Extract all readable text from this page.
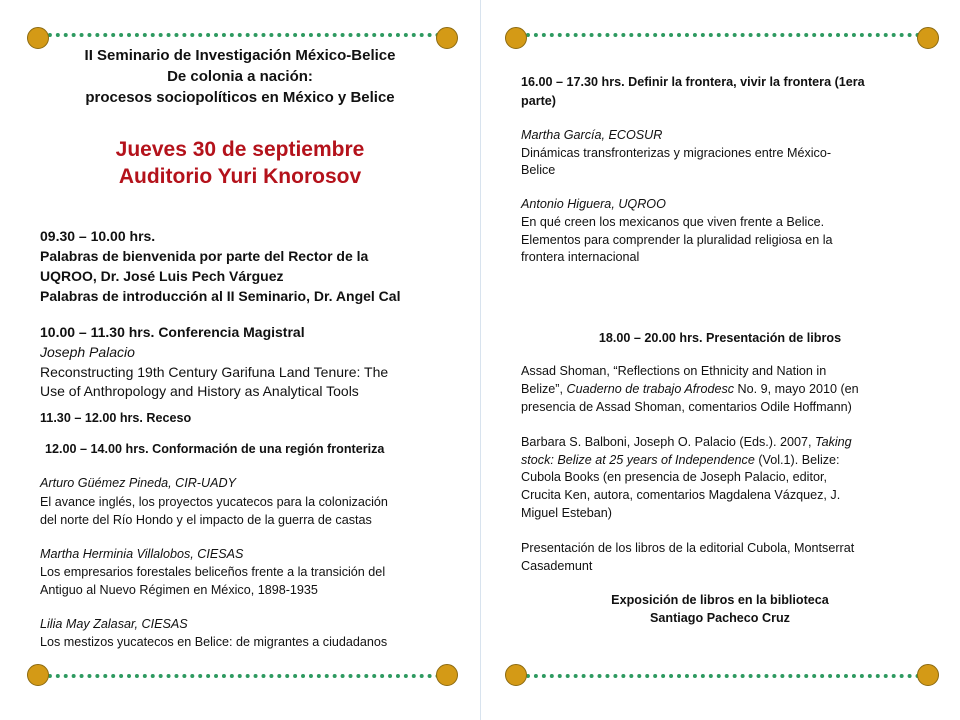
II Seminario de Investigación México-Belice
De colonia a nación:
procesos sociopolíticos en México y Belice
Jueves 30 de septiembre
Auditorio Yuri Knorosov
09.30 – 10.00 hrs.
Palabras de bienvenida por parte del Rector de la
UQROO, Dr. José Luis Pech Várguez
Palabras de introducción al II Seminario, Dr. Angel Cal
10.00 – 11.30 hrs. Conferencia Magistral
Joseph Palacio
Reconstructing 19th Century Garifuna Land Tenure: The
Use of Anthropology and History as Analytical Tools
11.30 – 12.00 hrs. Receso
12.00 – 14.00 hrs. Conformación de una región fronteriza
Arturo Güémez Pineda, CIR-UADY
El avance inglés, los proyectos yucatecos para la colonización
del norte del Río Hondo y el impacto de la guerra de castas
Martha Herminia Villalobos, CIESAS
Los empresarios forestales beliceños frente a la transición del
Antiguo al Nuevo Régimen en México, 1898-1935
Lilia May Zalasar, CIESAS
Los mestizos yucatecos en Belice: de migrantes a ciudadanos
16.00 – 17.30 hrs. Definir la frontera, vivir la frontera (1era
parte)
Martha García, ECOSUR
Dinámicas transfronterizas y migraciones entre México-
Belice
Antonio Higuera, UQROO
En qué creen los mexicanos que viven frente a Belice.
Elementos para comprender la pluralidad religiosa en la
frontera internacional
18.00 – 20.00 hrs. Presentación de libros
Assad Shoman, “Reflections on Ethnicity and Nation in
Belize”, Cuaderno de trabajo Afrodesc No. 9, mayo 2010 (en
presencia de Assad Shoman, comentarios Odile Hoffmann)
Barbara S. Balboni, Joseph O. Palacio (Eds.). 2007, Taking
stock: Belize at 25 years of Independence (Vol.1). Belize:
Cubola Books (en presencia de Joseph Palacio, editor,
Crucita Ken, autora, comentarios Magdalena Vázquez, J.
Miguel Esteban)
Presentación de los libros de la editorial Cubola, Montserrat
Casademunt
Exposición de libros en la biblioteca
Santiago Pacheco Cruz
